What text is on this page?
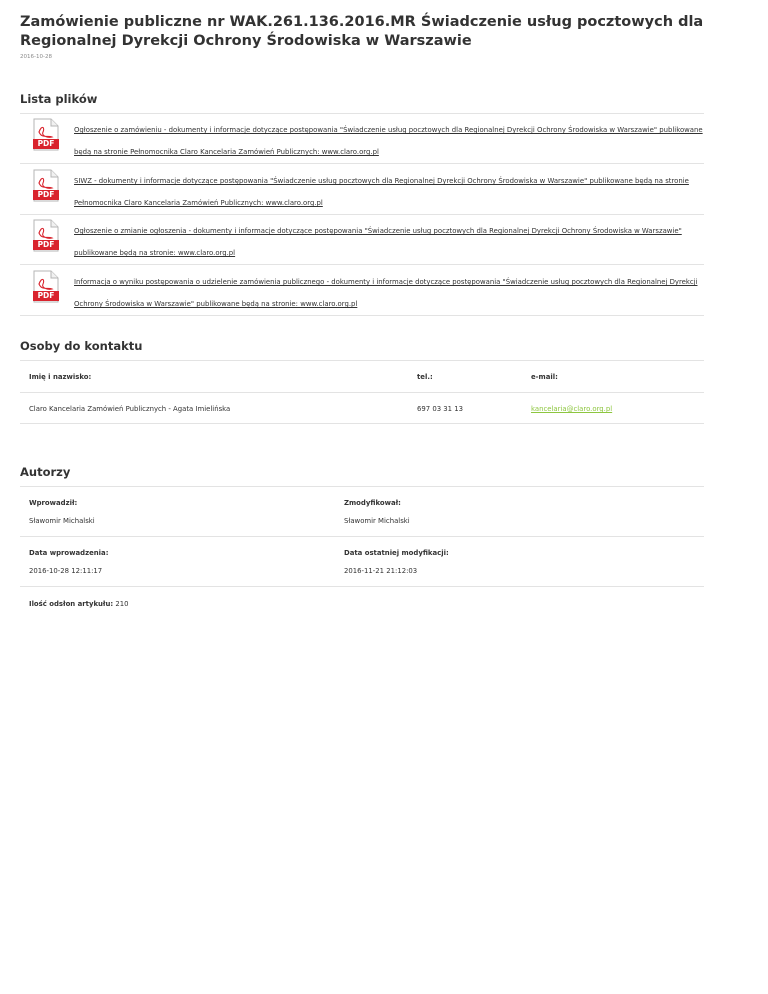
Zamówienie publiczne nr WAK.261.136.2016.MR Świadczenie usług pocztowych dla Regionalnej Dyrekcji Ochrony Środowiska w Warszawie
2016-10-28
Lista plików
PDF
Ogłoszenie o zamówieniu - dokumenty i informacje dotyczące postępowania "Świadczenie usług pocztowych dla Regionalnej Dyrekcji Ochrony Środowiska w Warszawie" publikowane będą na stronie Pełnomocnika Claro Kancelaria Zamówień Publicznych: www.claro.org.pl
PDF
SIWZ - dokumenty i informacje dotyczące postępowania "Świadczenie usług pocztowych dla Regionalnej Dyrekcji Ochrony Środowiska w Warszawie" publikowane będą na stronie Pełnomocnika Claro Kancelaria Zamówień Publicznych: www.claro.org.pl
PDF
Ogłoszenie o zmianie ogłoszenia - dokumenty i informacje dotyczące postępowania "Świadczenie usług pocztowych dla Regionalnej Dyrekcji Ochrony Środowiska w Warszawie" publikowane będą na stronie: www.claro.org.pl
PDF
Informacja o wyniku postępowania o udzielenie zamówienia publicznego - dokumenty i informacje dotyczące postępowania "Świadczenie usług pocztowych dla Regionalnej Dyrekcji Ochrony Środowiska w Warszawie" publikowane będą na stronie: www.claro.org.pl
Osoby do kontaktu
Imię i nazwisko:	tel.:	e-mail:
Claro Kancelaria Zamówień Publicznych - Agata Imielińska	697 03 31 13	kancelaria@claro.org.pl
Autorzy
Wprowadził:	Zmodyfikował:
Sławomir Michalski	Sławomir Michalski
Data wprowadzenia:	Data ostatniej modyfikacji:
2016-10-28 12:11:17	2016-11-21 21:12:03
Ilość odsłon artykułu: 210
